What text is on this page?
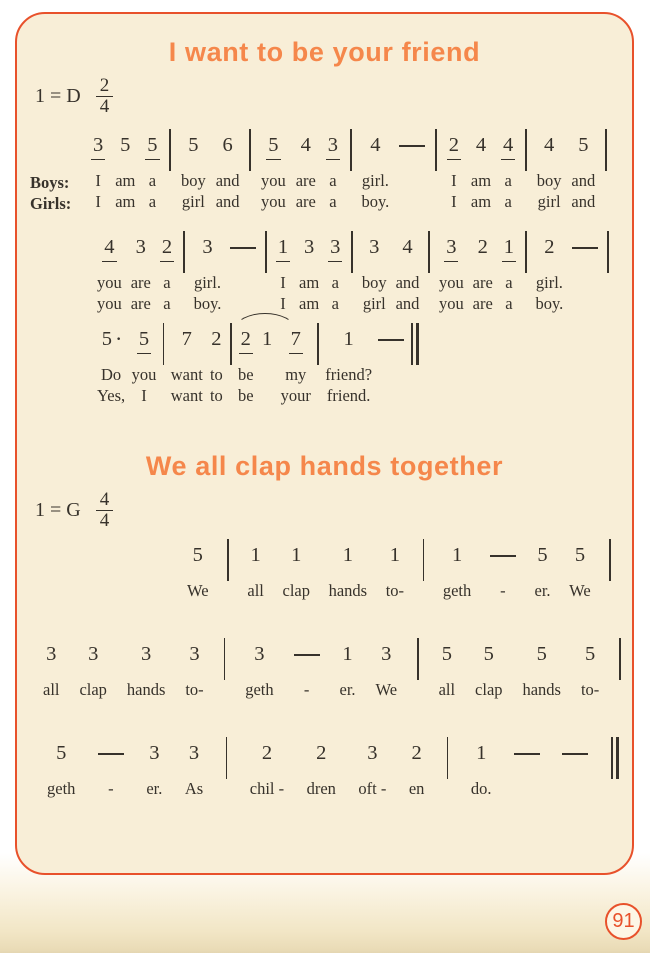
I want to be your friend
1 = D $\frac{2}{4}$
Boys:
Girls:
3
I
I
5
am
am
5
a
a
5
boy
girl
6
and
and
5
you
you
4
are
are
3
a
a
4
girl.
boy.
2
I
I
4
am
am
4
a
a
4
boy
girl
5
and
and
4
you
you
3
are
are
2
a
a
3
girl.
boy.
1
I
I
3
am
am
3
a
a
3
boy
girl
4
and
and
3
you
you
2
are
are
1
a
a
2
girl.
boy.
5 ·
Do
Yes,
5
you
I
7
want
want
2
to
to
2
be
be
1 7
my
your
1
friend?
friend.
We all clap hands together
1 = G $\frac{4}{4}$
5
We
1
all
1
clap
1
hands
1
to-
1
geth -
5
er.
5
We
3
all
3
clap
3
hands
3
to-
3
geth -
1
er.
3
We
5
all
5
clap
5
hands
5
to-
5
geth -
3
er.
3
As
2
chil -
2
dren
3
oft -
2
en
1
do.
91
